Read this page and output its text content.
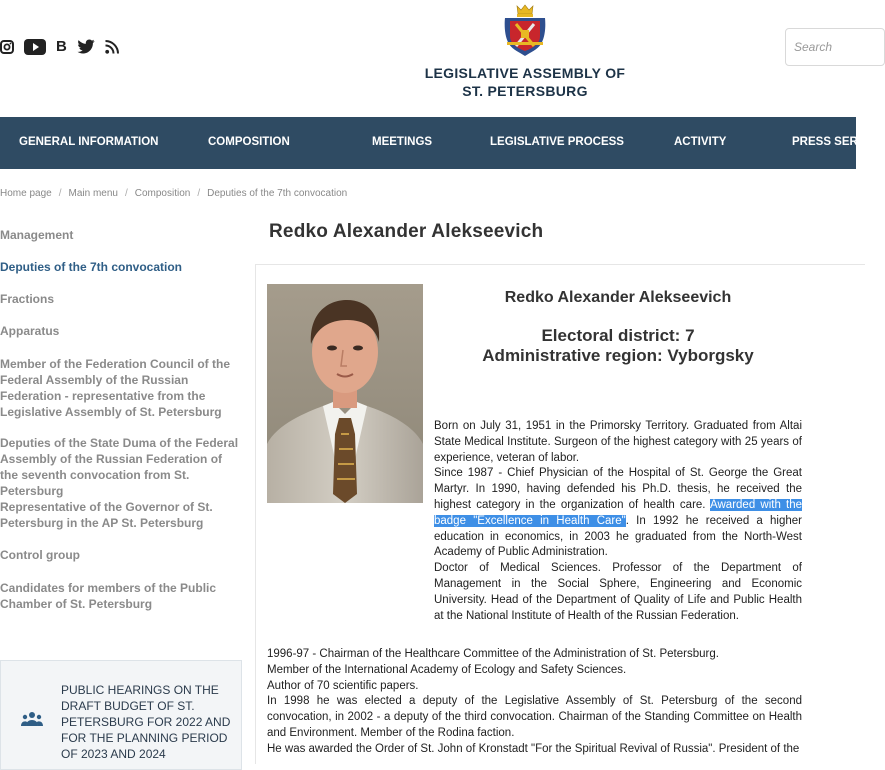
B
LEGISLATIVE ASSEMBLY OF
ST. PETERSBURG
Search
GENERAL INFORMATION	COMPOSITION	MEETINGS	LEGISLATIVE PROCESS	ACTIVITY	PRESS SERV
Home page / Main menu / Composition / Deputies of the 7th convocation
Management
Deputies of the 7th convocation
Fractions
Apparatus
Member of the Federation Council of the Federal Assembly of the Russian Federation - representative from the Legislative Assembly of St. Petersburg
Deputies of the State Duma of the Federal Assembly of the Russian Federation of the seventh convocation from St. Petersburg
Representative of the Governor of St. Petersburg in the AP St. Petersburg
Control group
Candidates for members of the Public Chamber of St. Petersburg
PUBLIC HEARINGS ON THE DRAFT BUDGET OF ST. PETERSBURG FOR 2022 AND FOR THE PLANNING PERIOD OF 2023 AND 2024
Redko Alexander Alekseevich
Redko Alexander Alekseevich
Electoral district: 7
Administrative region: Vyborgsky

Born on July 31, 1951 in the Primorsky Territory. Graduated from Altai State Medical Institute. Surgeon of the highest category with 25 years of experience, veteran of labor.

Since 1987 - Chief Physician of the Hospital of St. George the Great Martyr. In 1990, having defended his Ph.D. thesis, he received the highest category in the organization of health care. Awarded with the badge "Excellence in Health Care". In 1992 he received a higher education in economics, in 2003 he graduated from the North-West Academy of Public Administration.

Doctor of Medical Sciences. Professor of the Department of Management in the Social Sphere, Engineering and Economic University. Head of the Department of Quality of Life and Public Health at the National Institute of Health of the Russian Federation.

1996-97 - Chairman of the Healthcare Committee of the Administration of St. Petersburg.

Member of the International Academy of Ecology and Safety Sciences.

Author of 70 scientific papers.

In 1998 he was elected a deputy of the Legislative Assembly of St. Petersburg of the second convocation, in 2002 - a deputy of the third convocation. Chairman of the Standing Committee on Health and Environment. Member of the Rodina faction.

He was awarded the Order of St. John of Kronstadt "For the Spiritual Revival of Russia". President of the
